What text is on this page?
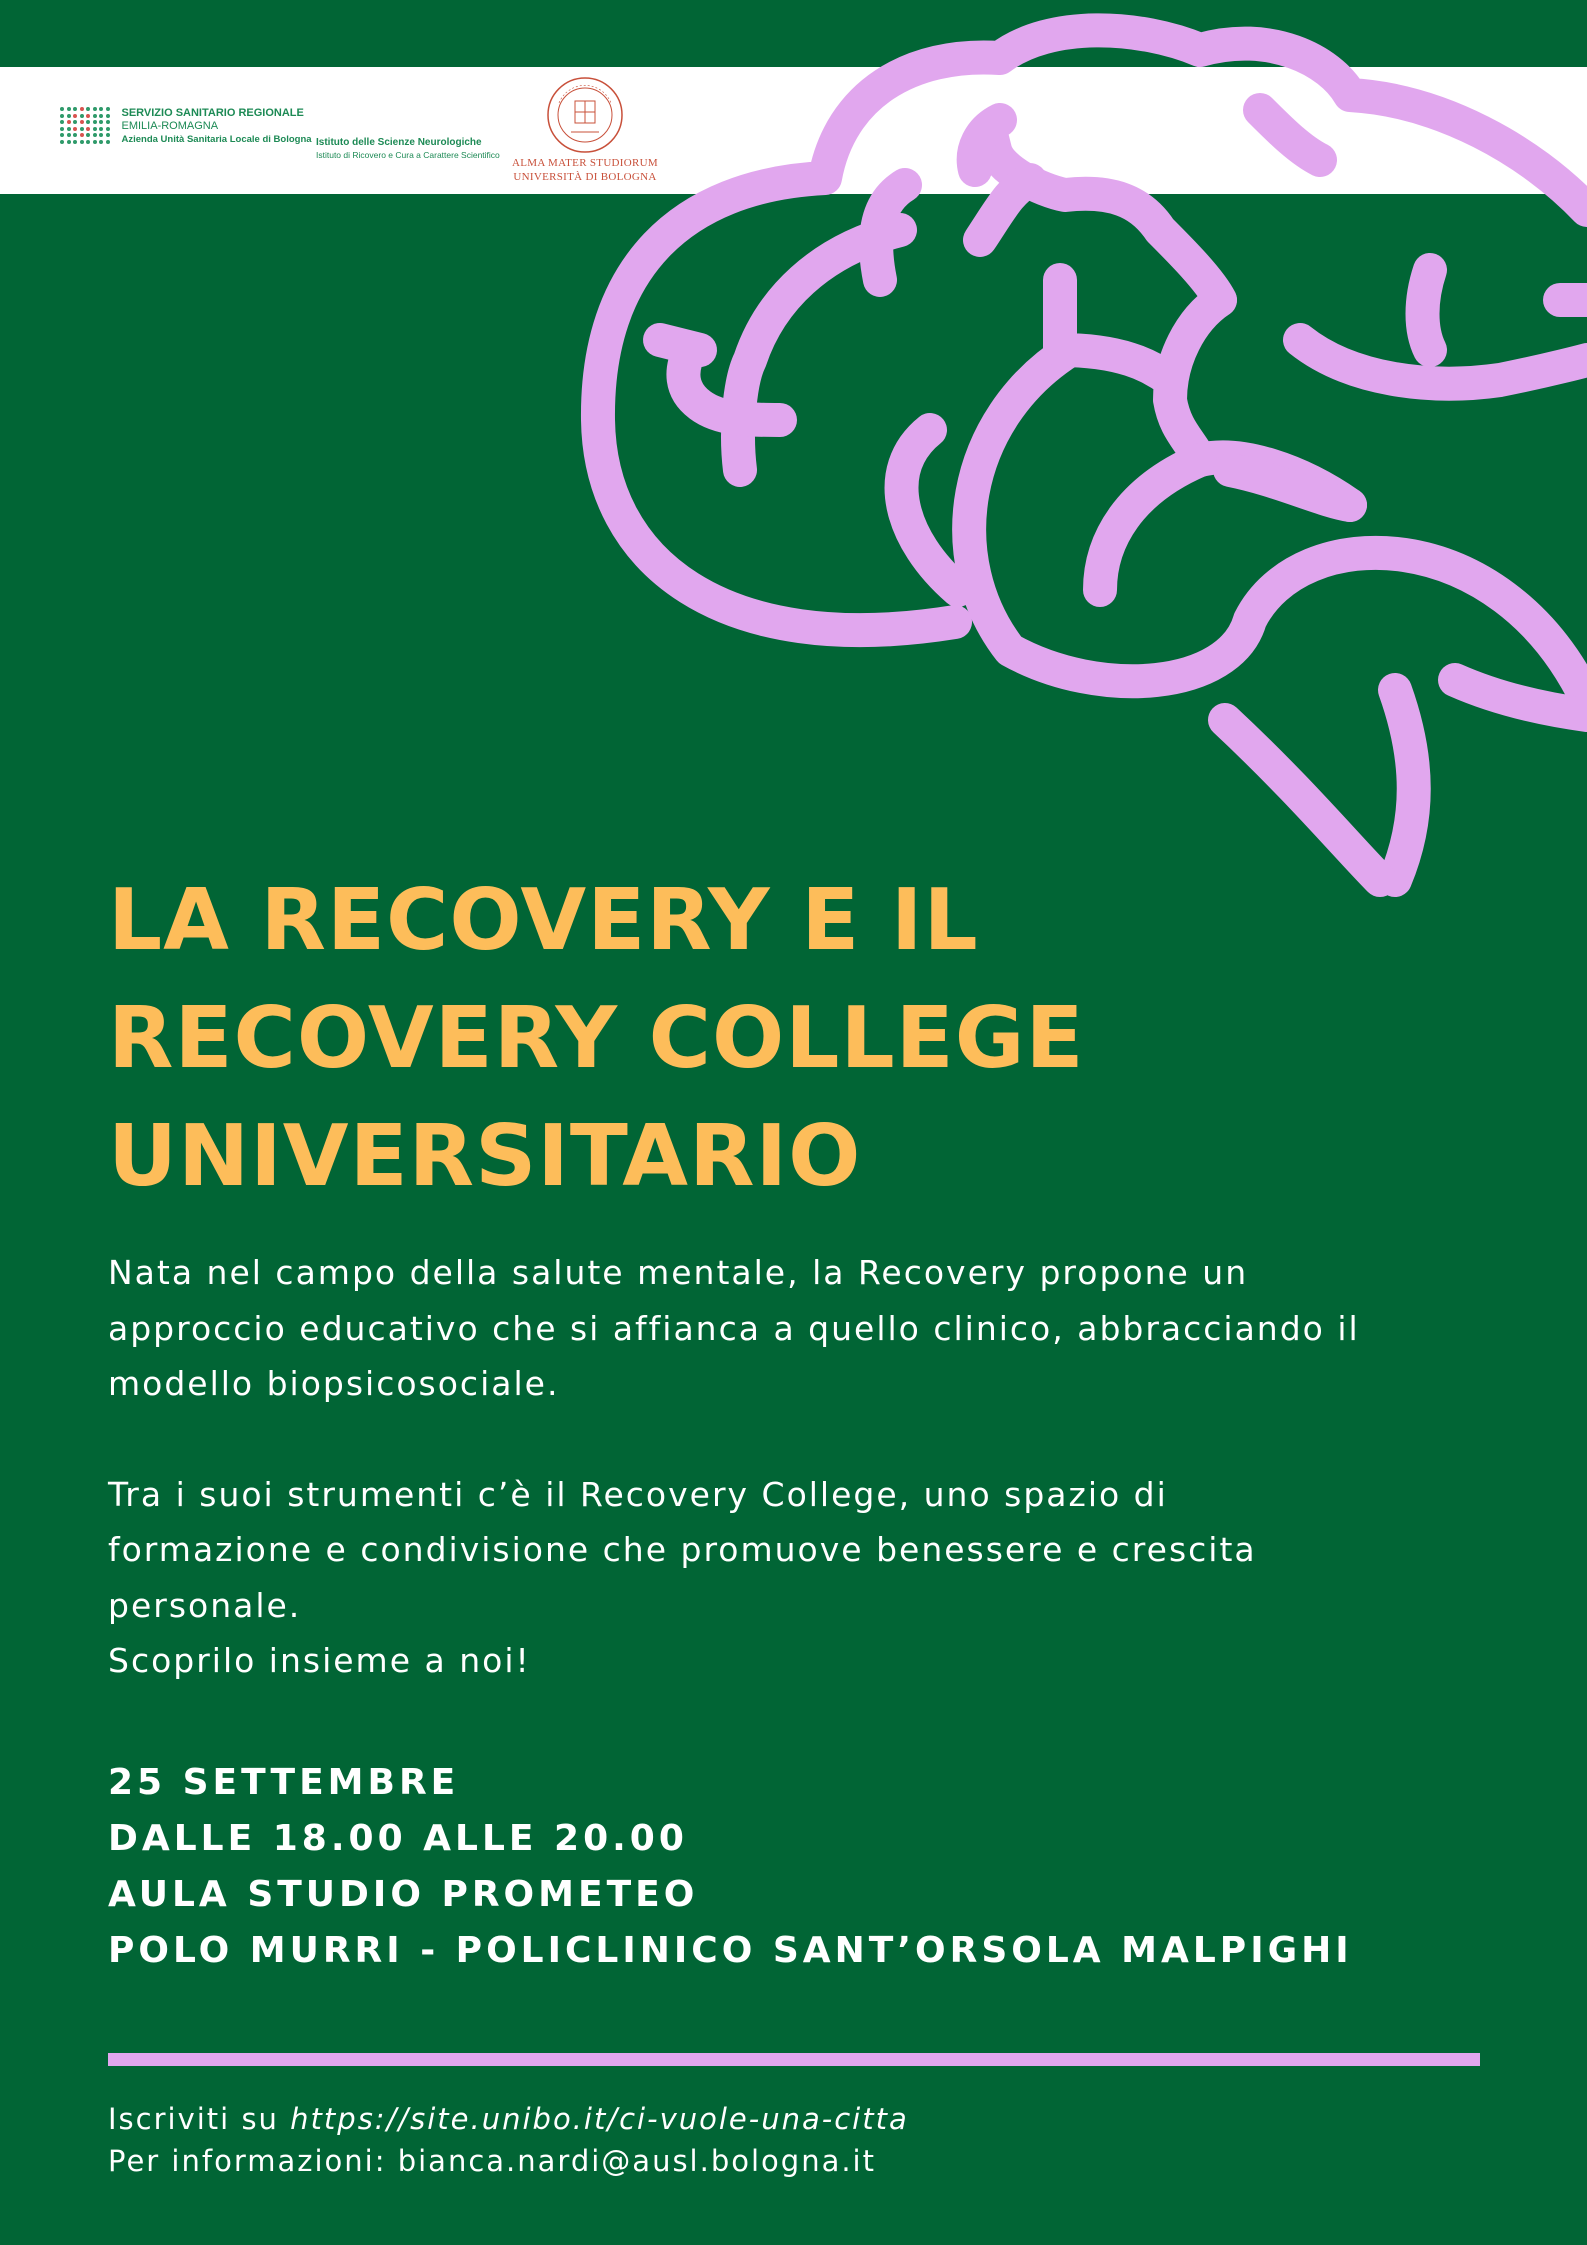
SERVIZIO SANITARIO REGIONALE
EMILIA-ROMAGNA
Azienda Unità Sanitaria Locale di Bologna Istituto delle Scienze Neurologiche
Istituto di Ricovero e Cura a Carattere Scientifico
ALMA MATER STUDIORUM
UNIVERSITÀ DI BOLOGNA
LA RECOVERY E IL
RECOVERY COLLEGE
UNIVERSITARIO
Nata nel campo della salute mentale, la Recovery propone un
approccio educativo che si affianca a quello clinico, abbracciando il
modello biopsicosociale.
Tra i suoi strumenti c’è il Recovery College, uno spazio di
formazione e condivisione che promuove benessere e crescita
personale.
Scoprilo insieme a noi!
25 SETTEMBRE
DALLE 18.00 ALLE 20.00
AULA STUDIO PROMETEO
POLO MURRI - POLICLINICO SANT’ORSOLA MALPIGHI
Iscriviti su https://site.unibo.it/ci-vuole-una-citta
Per informazioni: bianca.nardi@ausl.bologna.it
